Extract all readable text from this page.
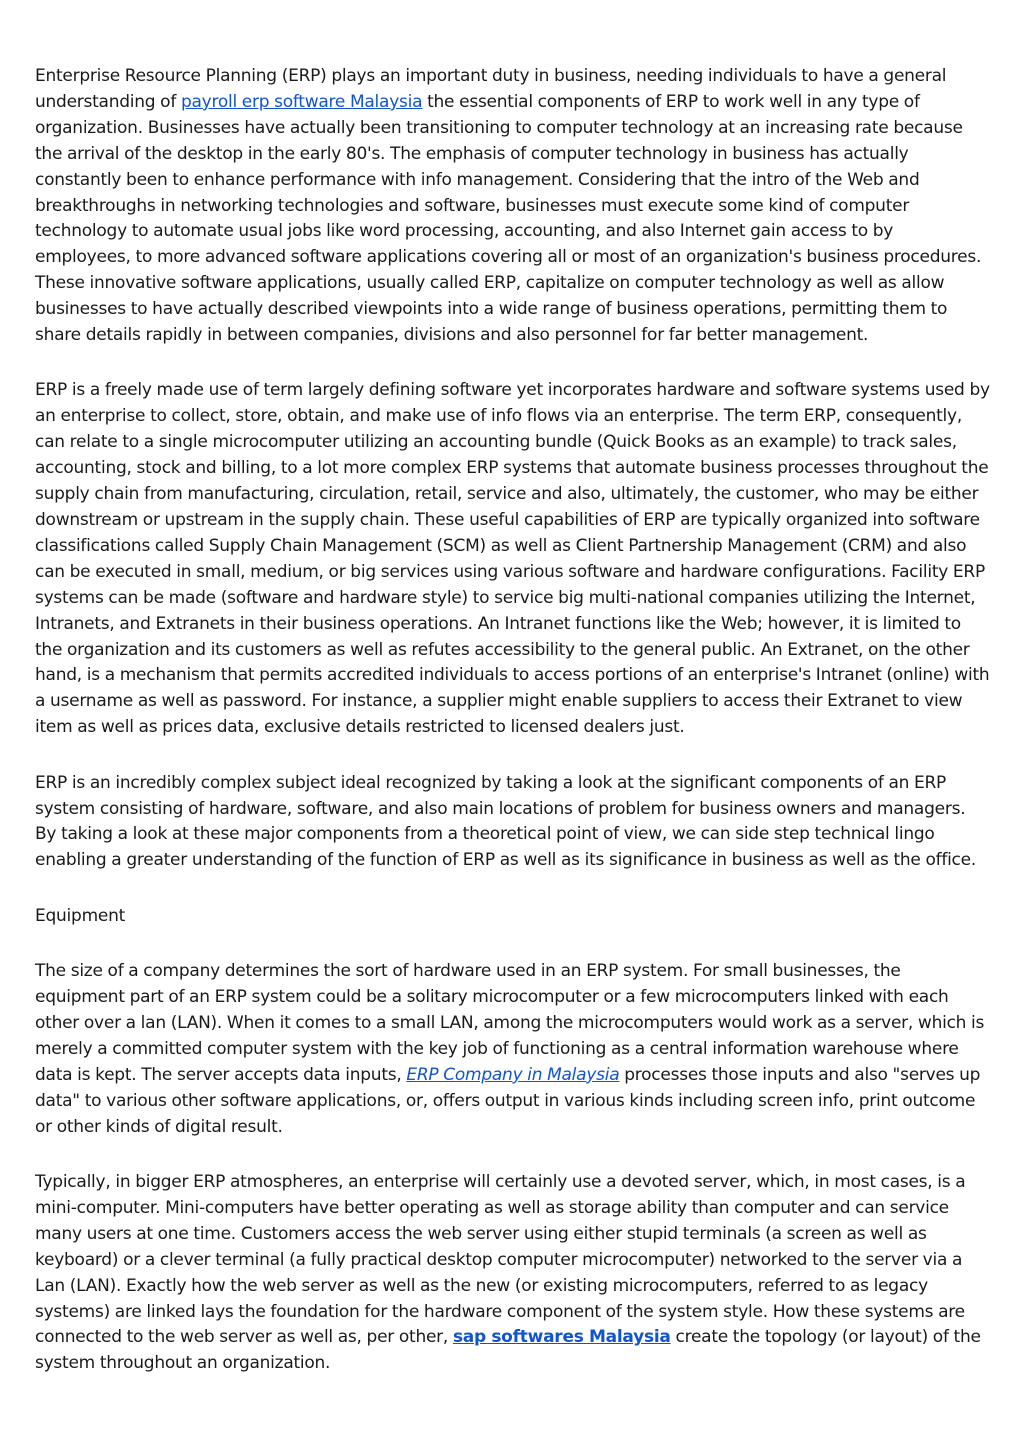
Enterprise Resource Planning (ERP) plays an important duty in business, needing individuals to have a general understanding of payroll erp software Malaysia the essential components of ERP to work well in any type of organization. Businesses have actually been transitioning to computer technology at an increasing rate because the arrival of the desktop in the early 80's. The emphasis of computer technology in business has actually constantly been to enhance performance with info management. Considering that the intro of the Web and breakthroughs in networking technologies and software, businesses must execute some kind of computer technology to automate usual jobs like word processing, accounting, and also Internet gain access to by employees, to more advanced software applications covering all or most of an organization's business procedures. These innovative software applications, usually called ERP, capitalize on computer technology as well as allow businesses to have actually described viewpoints into a wide range of business operations, permitting them to share details rapidly in between companies, divisions and also personnel for far better management.

ERP is a freely made use of term largely defining software yet incorporates hardware and software systems used by an enterprise to collect, store, obtain, and make use of info flows via an enterprise. The term ERP, consequently, can relate to a single microcomputer utilizing an accounting bundle (Quick Books as an example) to track sales, accounting, stock and billing, to a lot more complex ERP systems that automate business processes throughout the supply chain from manufacturing, circulation, retail, service and also, ultimately, the customer, who may be either downstream or upstream in the supply chain. These useful capabilities of ERP are typically organized into software classifications called Supply Chain Management (SCM) as well as Client Partnership Management (CRM) and also can be executed in small, medium, or big services using various software and hardware configurations. Facility ERP systems can be made (software and hardware style) to service big multi-national companies utilizing the Internet, Intranets, and Extranets in their business operations. An Intranet functions like the Web; however, it is limited to the organization and its customers as well as refutes accessibility to the general public. An Extranet, on the other hand, is a mechanism that permits accredited individuals to access portions of an enterprise's Intranet (online) with a username as well as password. For instance, a supplier might enable suppliers to access their Extranet to view item as well as prices data, exclusive details restricted to licensed dealers just.

ERP is an incredibly complex subject ideal recognized by taking a look at the significant components of an ERP system consisting of hardware, software, and also main locations of problem for business owners and managers. By taking a look at these major components from a theoretical point of view, we can side step technical lingo enabling a greater understanding of the function of ERP as well as its significance in business as well as the office.

Equipment

The size of a company determines the sort of hardware used in an ERP system. For small businesses, the equipment part of an ERP system could be a solitary microcomputer or a few microcomputers linked with each other over a lan (LAN). When it comes to a small LAN, among the microcomputers would work as a server, which is merely a committed computer system with the key job of functioning as a central information warehouse where data is kept. The server accepts data inputs, ERP Company in Malaysia processes those inputs and also "serves up data" to various other software applications, or, offers output in various kinds including screen info, print outcome or other kinds of digital result.

Typically, in bigger ERP atmospheres, an enterprise will certainly use a devoted server, which, in most cases, is a mini-computer. Mini-computers have better operating as well as storage ability than computer and can service many users at one time. Customers access the web server using either stupid terminals (a screen as well as keyboard) or a clever terminal (a fully practical desktop computer microcomputer) networked to the server via a Lan (LAN). Exactly how the web server as well as the new (or existing microcomputers, referred to as legacy systems) are linked lays the foundation for the hardware component of the system style. How these systems are connected to the web server as well as, per other, sap softwares Malaysia create the topology (or layout) of the system throughout an organization.
